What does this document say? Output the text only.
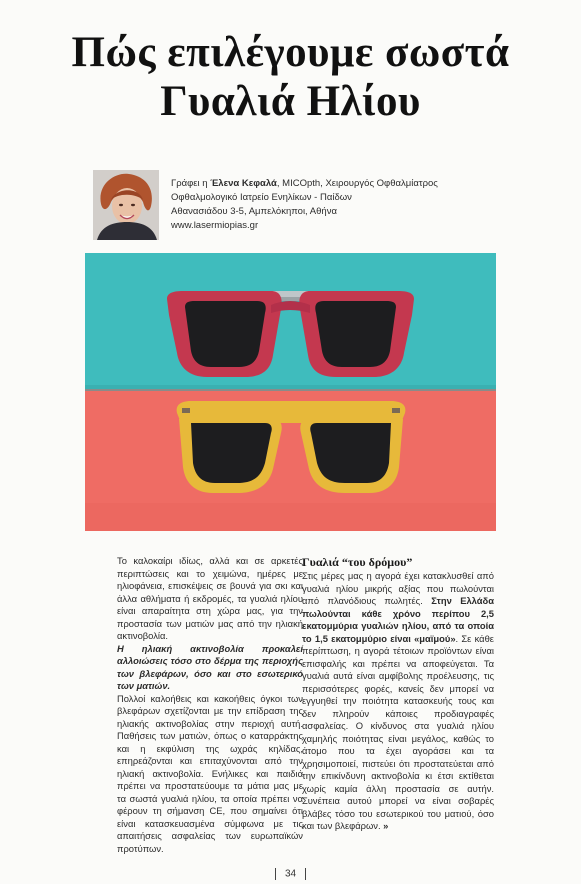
Πώς επιλέγουμε σωστά
Γυαλιά Ηλίου
Γράφει η Έλενα Κεφαλά, MICOpth, Χειρουργός Οφθαλμίατρος
Οφθαλμολογικό Ιατρείο Ενηλίκων - Παίδων
Αθανασιάδου 3-5, Αμπελόκηποι, Αθήνα
www.lasermiopias.gr

Το καλοκαίρι ιδίως, αλλά και σε αρκετές περιπτώσεις και το χειμώνα, ημέρες με ηλιοφάνεια, επισκέψεις σε βουνά για σκι και άλλα αθλήματα ή εκδρομές, τα γυαλιά ηλίου είναι απαραίτητα στη χώρα μας, για την προστασία των ματιών μας από την ηλιακή ακτινοβολία.

Η ηλιακή ακτινοβολία προκαλεί αλλοιώσεις τόσο στο δέρμα της περιοχής των βλεφάρων, όσο και στο εσωτερικό των ματιών.

Πολλοί καλοήθεις και κακοήθεις όγκοι των βλεφάρων σχετίζονται με την επίδραση της ηλιακής ακτινοβολίας στην περιοχή αυτή. Παθήσεις των ματιών, όπως ο καταρράκτης και η εκφύλιση της ωχράς κηλίδας, επηρεάζονται και επιταχύνονται από την ηλιακή ακτινοβολία. Ενήλικες και παιδιά πρέπει να προστατεύουμε τα μάτια μας με τα σωστά γυαλιά ηλίου, τα οποία πρέπει να φέρουν τη σήμανση CE, που σημαίνει ότι είναι κατασκευασμένα σύμφωνα με τις απαιτήσεις ασφαλείας των ευρωπαϊκών προτύπων.

Γυαλιά “του δρόμου”

Στις μέρες μας η αγορά έχει κατακλυσθεί από γυαλιά ηλίου μικρής αξίας που πωλούνται από πλανόδιους πωλητές. Στην Ελλάδα πωλούνται κάθε χρόνο περίπου 2,5 εκατομμύρια γυαλιών ηλίου, από τα οποία το 1,5 εκατομμύριο είναι «μαϊμού». Σε κάθε περίπτωση, η αγορά τέτοιων προϊόντων είναι επισφαλής και πρέπει να αποφεύγεται. Τα γυαλιά αυτά είναι αμφίβολης προέλευσης, τις περισσότερες φορές, κανείς δεν μπορεί να εγγυηθεί την ποιότητα κατασκευής τους και δεν πληρούν κάποιες προδιαγραφές ασφαλείας. Ο κίνδυνος στα γυαλιά ηλίου χαμηλής ποιότητας είναι μεγάλος, καθώς το άτομο που τα έχει αγοράσει και τα χρησιμοποιεί, πιστεύει ότι προστατεύεται από την επικίνδυνη ακτινοβολία κι έτσι εκτίθεται χωρίς καμία άλλη προστασία σε αυτήν. Συνέπεια αυτού μπορεί να είναι σοβαρές βλάβες τόσο του εσωτερικού του ματιού, όσο και των βλεφάρων. »

34
